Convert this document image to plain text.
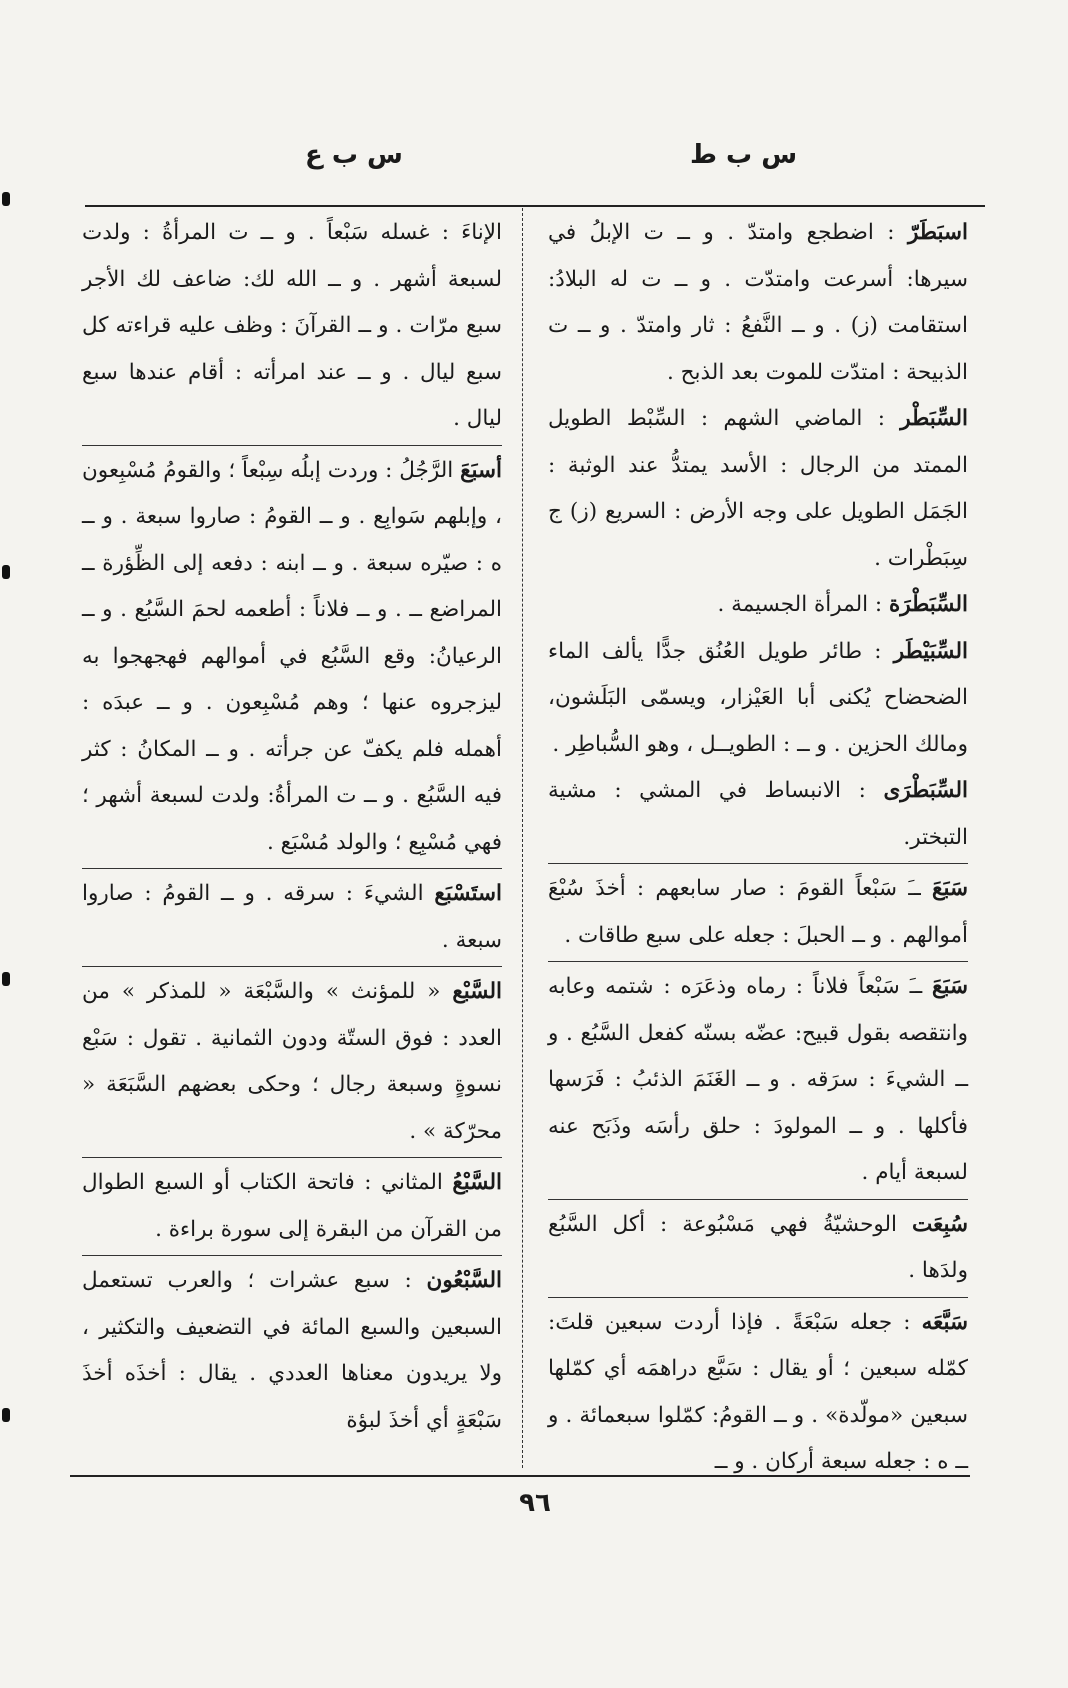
س ب ط
س ب ع

اسبَطَرّ : اضطجع وامتدّ . و ــ ت الإبلُ في سيرها: أسرعت وامتدّت . و ــ ت له البلادُ: استقامت (ز) . و ــ النَّفعُ : ثار وامتدّ . و ــ ت الذبيحة : امتدّت للموت بعد الذبح .

السِّبَطْر : الماضي الشهم : السِّبْط الطويل الممتد من الرجال : الأسد يمتدُّ عند الوثبة : الجَمَل الطويل على وجه الأرض : السريع (ز) ج سِبَطْرات .

السِّبَطْرَة : المرأة الجسيمة .

السِّبَيْطَر : طائر طويل العُنُق جدًّا يألف الماء الضحضاح يُكنى أبا العَيْزار، ويسمّى البَلَشون، ومالك الحزين . و ــ : الطويــل ، وهو السُّباطِر .

السِّبَطْرَى : الانبساط في المشي : مشية التبختر.

سَبَعَ ــَ سَبْعاً القومَ : صار سابعهم : أخذَ سُبْعَ أموالهم . و ــ الحبلَ : جعله على سبع طاقات .

سَبَعَ ــَ سَبْعاً فلاناً : رماه وذعَرَه : شتمه وعابه وانتقصه بقول قبيح: عضّه بسنّه كفعل السَّبُع . و ــ الشيءَ : سرَقه . و ــ الغَنَمَ الذئبُ : فَرَسها فأكلها . و ــ المولودَ : حلق رأسَه وذَبَح عنه لسبعة أيام .

سُبِعَت الوحشيّةُ فهي مَسْبُوعة : أكل السَّبُع ولدَها .

سَبَّعَه : جعله سَبْعَةً . فإذا أردت سبعين قلتَ: كمّله سبعين ؛ أو يقال : سَبَّع دراهمَه أي كمّلها سبعين «مولّدة» . و ــ القومُ: كمّلوا سبعمائة . و ــ ه : جعله سبعة أركان . و ــ

الإناءَ : غسله سَبْعاً . و ــ ت المرأةُ : ولدت لسبعة أشهر . و ــ الله لك: ضاعف لك الأجر سبع مرّات . و ــ القرآنَ : وظف عليه قراءته كل سبع ليال . و ــ عند امرأته : أقام عندها سبع ليال .

أسبَعَ الرَّجُلُ : وردت إبلُه سِبْعاً ؛ والقومُ مُسْبِعون ، وإبلهم سَوابِع . و ــ القومُ : صاروا سبعة . و ــ ه : صيّره سبعة . و ــ ابنه : دفعه إلى الظِّؤرة ــ المراضع ــ . و ــ فلاناً : أطعمه لحمَ السَّبُع . و ــ الرعيانُ: وقع السَّبُع في أموالهم فهجهجوا به ليزجروه عنها ؛ وهم مُسْبِعون . و ــ عبدَه : أهمله فلم يكفّ عن جرأته . و ــ المكانُ : كثر فيه السَّبُع . و ــ ت المرأةُ: ولدت لسبعة أشهر ؛ فهي مُسْبِع ؛ والولد مُسْبَع .

استَسْبَع الشيءَ : سرقه . و ــ القومُ : صاروا سبعة .

السَّبْع « للمؤنث » والسَّبْعَة « للمذكر » من العدد : فوق الستّة ودون الثمانية . تقول : سَبْع نسوةٍ وسبعة رجال ؛ وحكى بعضهم السَّبَعَة « محرّكة » .

السَّبْعُ المثاني : فاتحة الكتاب أو السبع الطوال من القرآن من البقرة إلى سورة براءة .

السَّبْعُون : سبع عشرات ؛ والعرب تستعمل السبعين والسبع المائة في التضعيف والتكثير ، ولا يريدون معناها العددي . يقال : أخذَه أخذَ سَبْعَةٍ أي أخذَ لبؤة

٩٦
